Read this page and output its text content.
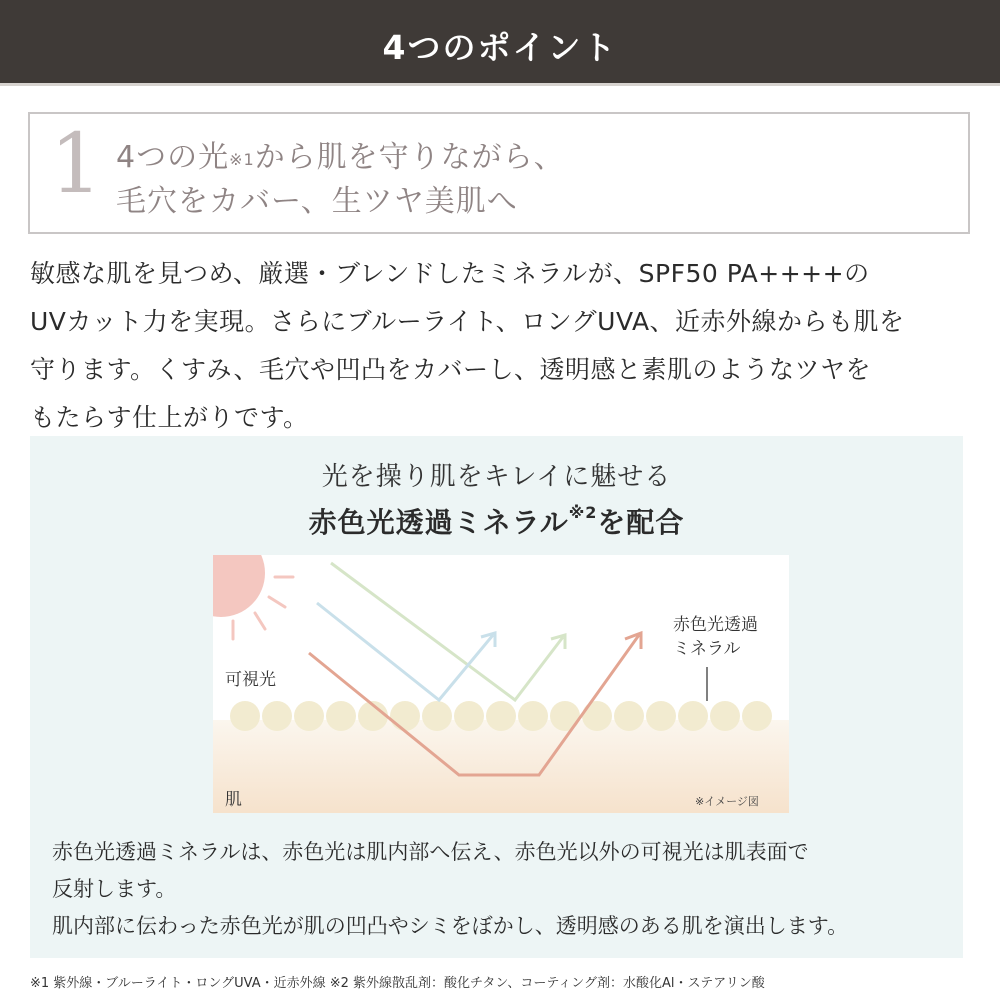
4つのポイント
1 4つの光$^{※1}$から肌を守りながら、
毛穴をカバー、生ツヤ美肌へ
敏感な肌を見つめ、厳選・ブレンドしたミネラルが、SPF50 PA++++の
UVカット力を実現。さらにブルーライト、ロングUVA、近赤外線からも肌を
守ります。くすみ、毛穴や凹凸をカバーし、透明感と素肌のようなツヤを
もたらす仕上がりです。
光を操り肌をキレイに魅せる
赤色光透過ミネラル$^{※2}$を配合
可視光
肌
赤色光透過
ミネラル
※イメージ図
赤色光透過ミネラルは、赤色光は肌内部へ伝え、赤色光以外の可視光は肌表面で
反射します。
肌内部に伝わった赤色光が肌の凹凸やシミをぼかし、透明感のある肌を演出します。
※1 紫外線・ブルーライト・ロングUVA・近赤外線 ※2 紫外線散乱剤：酸化チタン、コーティング剤：水酸化Al・ステアリン酸
